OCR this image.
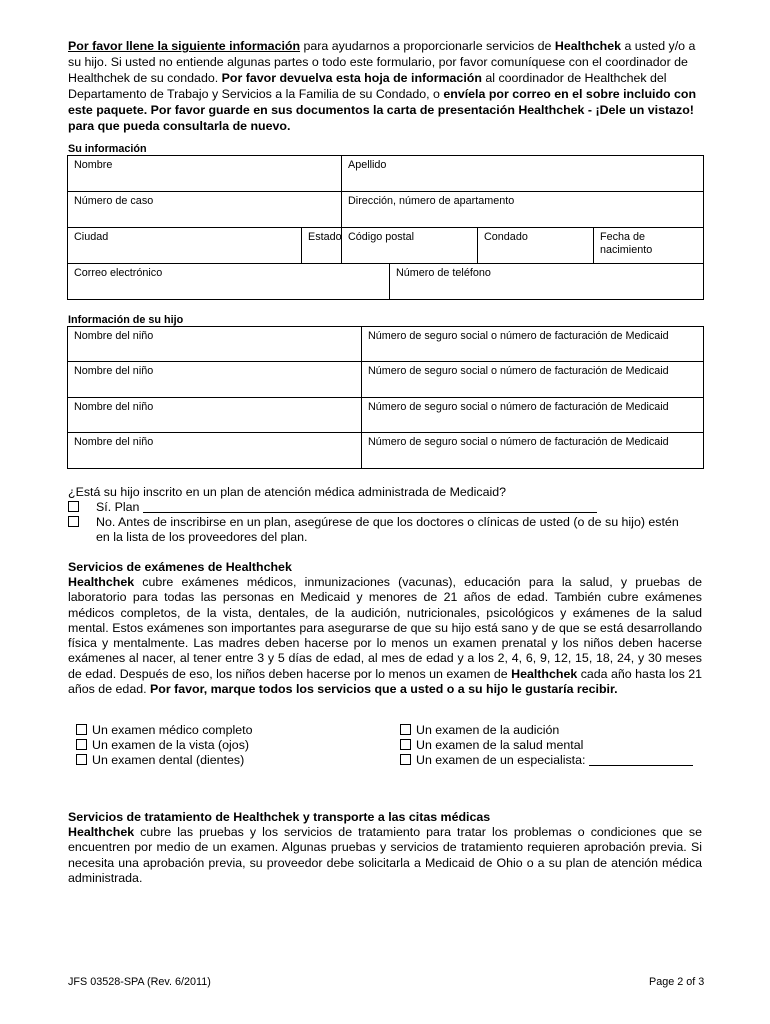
Por favor llene la siguiente información para ayudarnos a proporcionarle servicios de Healthchek a usted y/o a su hijo. Si usted no entiende algunas partes o todo este formulario, por favor comuníquese con el coordinador de Healthchek de su condado. Por favor devuelva esta hoja de información al coordinador de Healthchek del Departamento de Trabajo y Servicios a la Familia de su Condado, o envíela por correo en el sobre incluido con este paquete. Por favor guarde en sus documentos la carta de presentación Healthchek - ¡Dele un vistazo! para que pueda consultarla de nuevo.
Su información
Nombre		Apellido			
Número de caso		Dirección, número de apartamento			
Ciudad	Estado	Código postal		Condado	Fecha de nacimiento
Correo electrónico			Número de teléfono		
Información de su hijo
Nombre del niño	Número de seguro social o número de facturación de Medicaid
Nombre del niño	Número de seguro social o número de facturación de Medicaid
Nombre del niño	Número de seguro social o número de facturación de Medicaid
Nombre del niño	Número de seguro social o número de facturación de Medicaid
¿Está su hijo inscrito en un plan de atención médica administrada de Medicaid?
Sí. Plan
No. Antes de inscribirse en un plan, asegúrese de que los doctores o clínicas de usted (o de su hijo) estén
en la lista de los proveedores del plan.
Servicios de exámenes de Healthchek
Healthchek cubre exámenes médicos, inmunizaciones (vacunas), educación para la salud, y pruebas de laboratorio para todas las personas en Medicaid y menores de 21 años de edad. También cubre exámenes médicos completos, de la vista, dentales, de la audición, nutricionales, psicológicos y exámenes de la salud mental. Estos exámenes son importantes para asegurarse de que su hijo está sano y de que se está desarrollando física y mentalmente. Las madres deben hacerse por lo menos un examen prenatal y los niños deben hacerse exámenes al nacer, al tener entre 3 y 5 días de edad, al mes de edad y a los 2, 4, 6, 9, 12, 15, 18, 24, y 30 meses de edad. Después de eso, los niños deben hacerse por lo menos un examen de Healthchek cada año hasta los 21 años de edad. Por favor, marque todos los servicios que a usted o a su hijo le gustaría recibir.
Un examen médico completo
Un examen de la vista (ojos)
Un examen dental (dientes)
Un examen de la audición
Un examen de la salud mental
Un examen de un especialista:
Servicios de tratamiento de Healthchek y transporte a las citas médicas
Healthchek cubre las pruebas y los servicios de tratamiento para tratar los problemas o condiciones que se encuentren por medio de un examen. Algunas pruebas y servicios de tratamiento requieren aprobación previa. Si necesita una aprobación previa, su proveedor debe solicitarla a Medicaid de Ohio o a su plan de atención médica administrada.
JFS 03528-SPA (Rev. 6/2011)	Page 2 of 3
